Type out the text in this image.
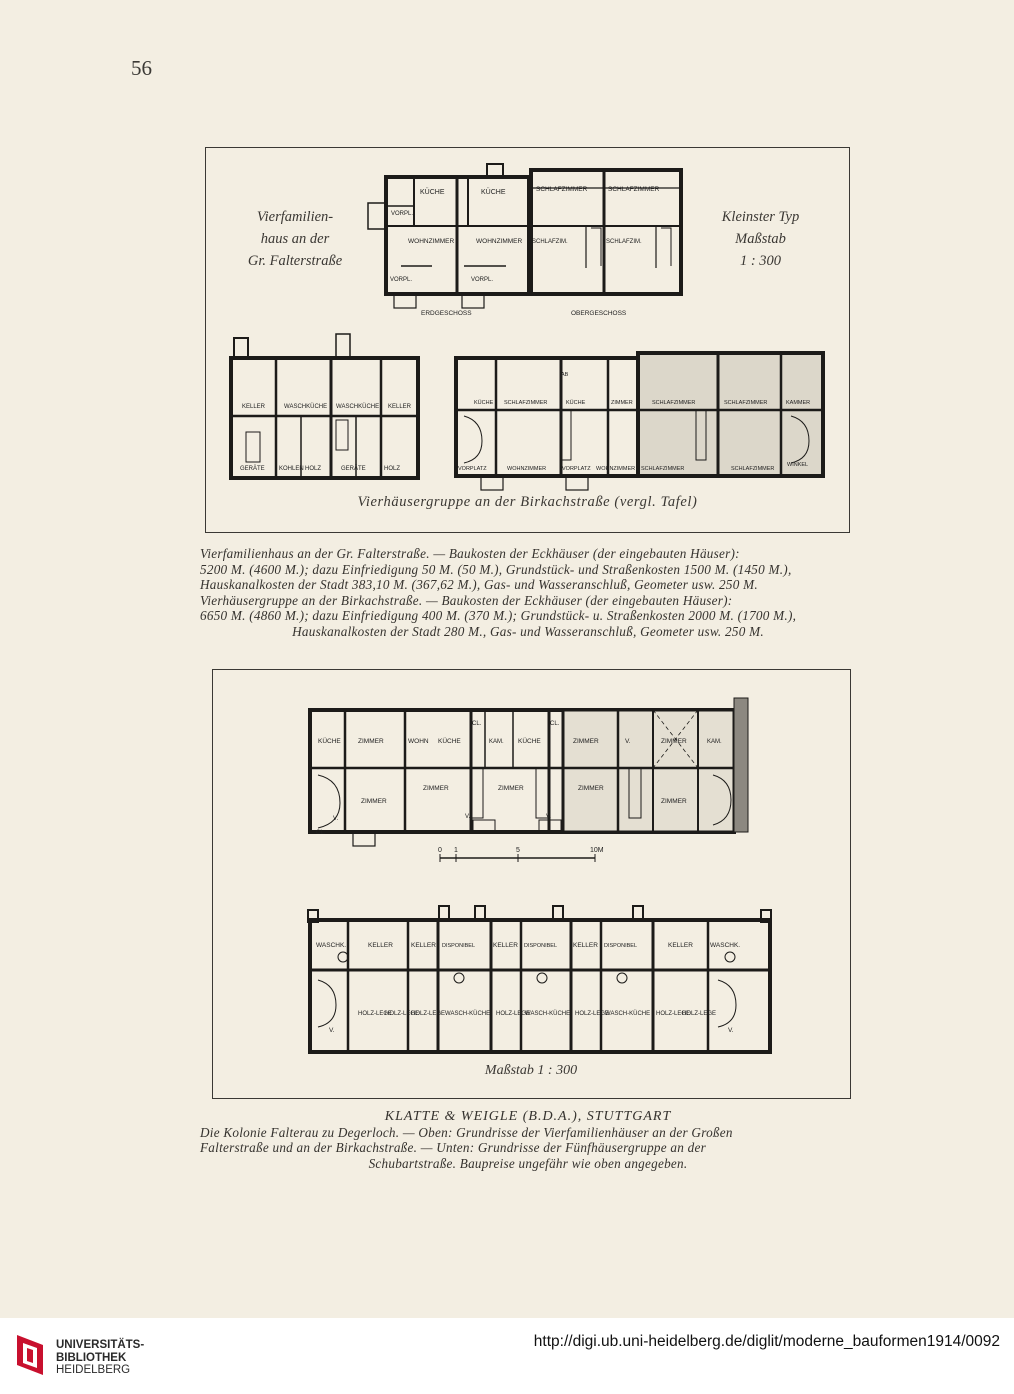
56
Vierfamilien-
haus an der
Gr. Falterstraße
Kleinster Typ
Maßstab
1 : 300
KÜCHE	KÜCHE	SCHLAFZIMMER	SCHLAFZIMMER
VORPL.
WOHNZIMMER	WOHNZIMMER SCHLAFZIM.	SCHLAFZIM.
VORPL.	VORPL.
ERDGESCHOSS	OBERGESCHOSS
KELLER	WASCHKÜCHE WASCHKÜCHE KELLER
GERÄTE KOHLEN HOLZ	GERÄTE	HOLZ
KÜCHE SCHLAFZIMMER	KÜCHE	ZIMMER	SCHLAFZIMMER	SCHLAFZIMMER	KAMMER
AB
VORPLATZ	WOHNZIMMER	VORPLATZ WOHNZIMMER SCHLAFZIMMER	SCHLAFZIMMER
WINKEL
Vierhäusergruppe an der Birkachstraße (vergl. Tafel)
Vierfamilienhaus an der Gr. Falterstraße. — Baukosten der Eckhäuser (der eingebauten Häuser):
5200 M. (4600 M.); dazu Einfriedigung 50 M. (50 M.), Grundstück- und Straßenkosten 1500 M. (1450 M.),
Hauskanalkosten der Stadt 383,10 M. (367,62 M.), Gas- und Wasseranschluß, Geometer usw. 250 M.
Vierhäusergruppe an der Birkachstraße. — Baukosten der Eckhäuser (der eingebauten Häuser):
6650 M. (4860 M.); dazu Einfriedigung 400 M. (370 M.); Grundstück- u. Straßenkosten 2000 M. (1700 M.),
Hauskanalkosten der Stadt 280 M., Gas- und Wasseranschluß, Geometer usw. 250 M.
KÜCHE	ZIMMER	WOHN KÜCHE
CL.
KAM. KÜCHE
CL.
ZIMMER	V.	ZIMMER	KAM.
ZIMMER
ZIMMER	ZIMMER	ZIMMER
ZIMMER
CL.
V.	V.	V.
0 1	5	10M
WASCHK.	KELLER	KELLER DISPONIBEL	KELLER DISPONIBEL KELLER DISPONIBEL	KELLER	WASCHK.
HOLZ-LEGE
HOLZ-LEGE
HOLZ-LEGE WASCH-KÜCHE HOLZ-LEGE
WASCH-KÜCHE HOLZ-LEGE
WASCH-KÜCHE HOLZ-LEGE
HOLZ-LEGE
V.	V.
Maßstab 1 : 300
KLATTE & WEIGLE (B.D.A.), STUTTGART
Die Kolonie Falterau zu Degerloch. — Oben: Grundrisse der Vierfamilienhäuser an der Großen
Falterstraße und an der Birkachstraße. — Unten: Grundrisse der Fünfhäusergruppe an der
Schubartstraße. Baupreise ungefähr wie oben angegeben.
UNIVERSITÄTS-
BIBLIOTHEK
HEIDELBERG
http://digi.ub.uni-heidelberg.de/diglit/moderne_bauformen1914/0092
